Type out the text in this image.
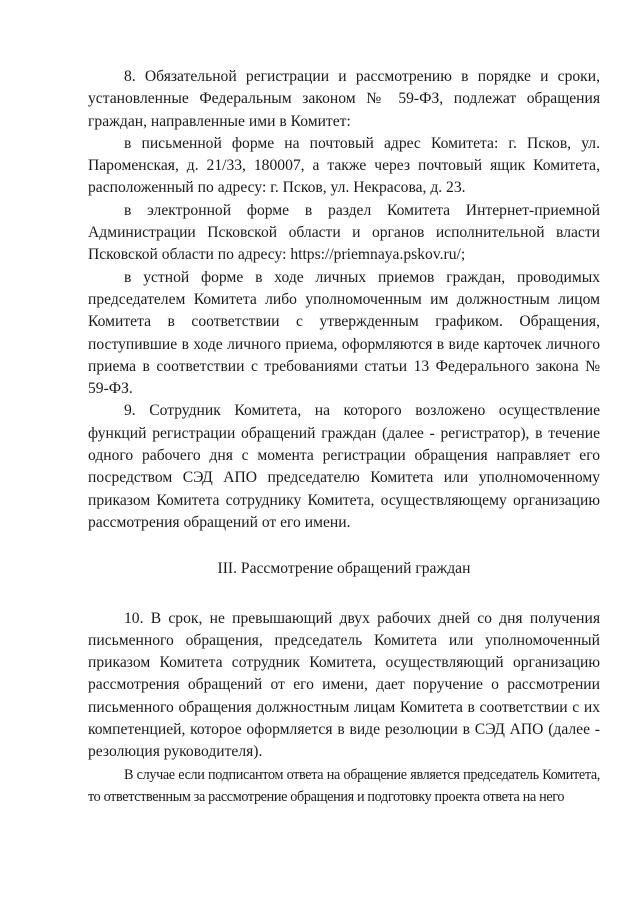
8. Обязательной регистрации и рассмотрению в порядке и сроки, установленные Федеральным законом № 59-ФЗ, подлежат обращения граждан, направленные ими в Комитет:

в письменной форме на почтовый адрес Комитета: г. Псков, ул. Пароменская, д. 21/33, 180007, а также через почтовый ящик Комитета, расположенный по адресу: г. Псков, ул. Некрасова, д. 23.

в электронной форме в раздел Комитета Интернет-приемной Администрации Псковской области и органов исполнительной власти Псковской области по адресу: https://priemnaya.pskov.ru/;

в устной форме в ходе личных приемов граждан, проводимых председателем Комитета либо уполномоченным им должностным лицом Комитета в соответствии с утвержденным графиком. Обращения, поступившие в ходе личного приема, оформляются в виде карточек личного приема в соответствии с требованиями статьи 13 Федерального закона № 59-ФЗ.

9. Сотрудник Комитета, на которого возложено осуществление функций регистрации обращений граждан (далее - регистратор), в течение одного рабочего дня с момента регистрации обращения направляет его посредством СЭД АПО председателю Комитета или уполномоченному приказом Комитета сотруднику Комитета, осуществляющему организацию рассмотрения обращений от его имени.

III. Рассмотрение обращений граждан

10. В срок, не превышающий двух рабочих дней со дня получения письменного обращения, председатель Комитета или уполномоченный приказом Комитета сотрудник Комитета, осуществляющий организацию рассмотрения обращений от его имени, дает поручение о рассмотрении письменного обращения должностным лицам Комитета в соответствии с их компетенцией, которое оформляется в виде резолюции в СЭД АПО (далее - резолюция руководителя).

В случае если подписантом ответа на обращение является председатель Комитета, то ответственным за рассмотрение обращения и подготовку проекта ответа на него
